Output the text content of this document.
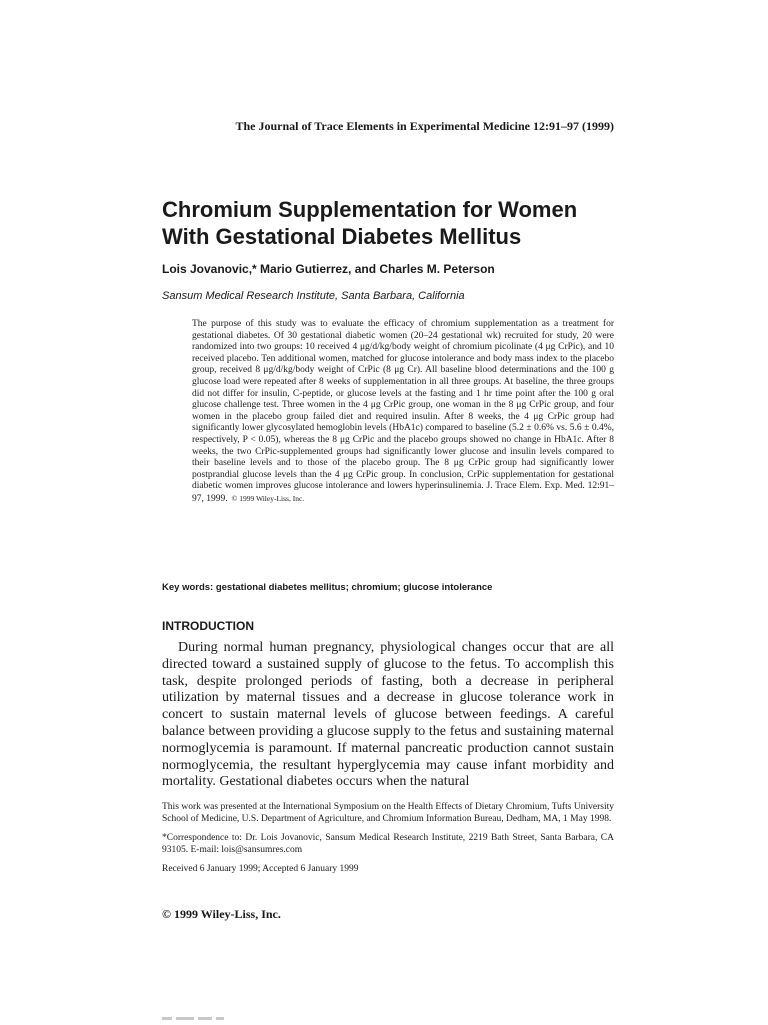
The Journal of Trace Elements in Experimental Medicine 12:91–97 (1999)
Chromium Supplementation for Women
With Gestational Diabetes Mellitus
Lois Jovanovic,* Mario Gutierrez, and Charles M. Peterson
Sansum Medical Research Institute, Santa Barbara, California

The purpose of this study was to evaluate the efficacy of chromium supplementation as a treatment for gestational diabetes. Of 30 gestational diabetic women (20–24 gestational wk) recruited for study, 20 were randomized into two groups: 10 received 4 μg/d/kg/body weight of chromium picolinate (4 μg CrPic), and 10 received placebo. Ten additional women, matched for glucose intolerance and body mass index to the placebo group, received 8 μg/d/kg/body weight of CrPic (8 μg Cr). All baseline blood determinations and the 100 g glucose load were repeated after 8 weeks of supplementation in all three groups. At baseline, the three groups did not differ for insulin, C-peptide, or glucose levels at the fasting and 1 hr time point after the 100 g oral glucose challenge test. Three women in the 4 μg CrPic group, one woman in the 8 μg CrPic group, and four women in the placebo group failed diet and required insulin. After 8 weeks, the 4 μg CrPic group had significantly lower glycosylated hemoglobin levels (HbA1c) compared to baseline (5.2 ± 0.6% vs. 5.6 ± 0.4%, respectively, P < 0.05), whereas the 8 μg CrPic and the placebo groups showed no change in HbA1c. After 8 weeks, the two CrPic-supplemented groups had significantly lower glucose and insulin levels compared to their baseline levels and to those of the placebo group. The 8 μg CrPic group had significantly lower postprandial glucose levels than the 4 μg CrPic group. In conclusion, CrPic supplementation for gestational diabetic women improves glucose intolerance and lowers hyperinsulinemia. J. Trace Elem. Exp. Med. 12:91–97, 1999. © 1999 Wiley-Liss, Inc.

Key words: gestational diabetes mellitus; chromium; glucose intolerance
INTRODUCTION

During normal human pregnancy, physiological changes occur that are all directed toward a sustained supply of glucose to the fetus. To accomplish this task, despite prolonged periods of fasting, both a decrease in peripheral utilization by maternal tissues and a decrease in glucose tolerance work in concert to sustain maternal levels of glucose between feedings. A careful balance between providing a glucose supply to the fetus and sustaining maternal normoglycemia is paramount. If maternal pancreatic production cannot sustain normoglycemia, the resultant hyperglycemia may cause infant morbidity and mortality. Gestational diabetes occurs when the natural

This work was presented at the International Symposium on the Health Effects of Dietary Chromium, Tufts University School of Medicine, U.S. Department of Agriculture, and Chromium Information Bureau, Dedham, MA, 1 May 1998.

*Correspondence to: Dr. Lois Jovanovic, Sansum Medical Research Institute, 2219 Bath Street, Santa Barbara, CA 93105. E-mail: lois@sansumres.com

Received 6 January 1999; Accepted 6 January 1999

© 1999 Wiley-Liss, Inc.
